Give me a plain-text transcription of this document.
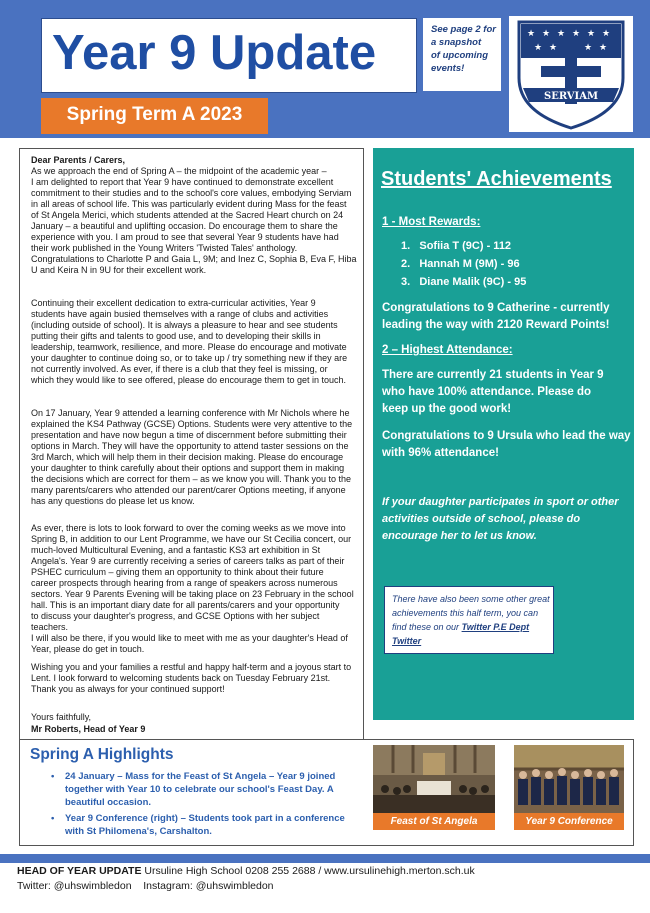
Year 9 Update
Spring Term A 2023
See page 2 for
a snapshot
of upcoming
events!
★ ★ ★ ★ ★ ★
★ ★	★ ★
SERVIAM
Dear Parents / Carers,
As we approach the end of Spring A – the midpoint of the academic year –
I am delighted to report that Year 9 have continued to demonstrate excellent
commitment to their studies and to the school's core values, embodying Serviam
in all areas of school life. This was particularly evident during Mass for the feast
of St Angela Merici, which students attended at the Sacred Heart church on 24
January – a beautiful and uplifting occasion. Do encourage them to share the
experience with you. I am proud to see that several Year 9 students have had
their work published in the Young Writers 'Twisted Tales' anthology.
Congratulations to Charlotte P and Gaia L, 9M; and Inez C, Sophia B, Eva F, Hiba
U and Keira N in 9U for their excellent work.
Continuing their excellent dedication to extra-curricular activities, Year 9
students have again busied themselves with a range of clubs and activities
(including outside of school). It is always a pleasure to hear and see students
putting their gifts and talents to good use, and to developing their skills in
leadership, teamwork, resilience, and more. Please do encourage and motivate
your daughter to continue doing so, or to take up / try something new if they are
not currently involved. As ever, if there is a club that they feel is missing, or
which they would like to see offered, please do encourage them to get in touch.
On 17 January, Year 9 attended a learning conference with Mr Nichols where he
explained the KS4 Pathway (GCSE) Options. Students were very attentive to the
presentation and have now begun a time of discernment before submitting their
options in March. They will have the opportunity to attend taster sessions on the
3rd March, which will help them in their decision making. Please do encourage
your daughter to think carefully about their options and support them in making
the decisions which are correct for them – as we know you will. Thank you to the
many parents/carers who attended our parent/carer Options meeting, if anyone
has any questions do please let us know.
As ever, there is lots to look forward to over the coming weeks as we move into
Spring B, in addition to our Lent Programme, we have our St Cecilia concert, our
much-loved Multicultural Evening, and a fantastic KS3 art exhibition in St
Angela's. Year 9 are currently receiving a series of careers talks as part of their
PSHEC curriculum – giving them an opportunity to think about their future
career prospects through hearing from a range of speakers across numerous
sectors. Year 9 Parents Evening will be taking place on 23 February in the school
hall. This is an important diary date for all parents/carers and your opportunity
to discuss your daughter's progress, and GCSE Options with her subject teachers.
I will also be there, if you would like to meet with me as your daughter's Head of
Year, please do get in touch.
Wishing you and your families a restful and happy half-term and a joyous start to
Lent. I look forward to welcoming students back on Tuesday February 21st.
Thank you as always for your continued support!
Yours faithfully,
Mr Roberts, Head of Year 9
Students' Achievements
1 - Most Rewards:
1. Sofiia T (9C) - 112
2. Hannah M (9M) - 96
3. Diane Malik (9C) - 95

Congratulations to 9 Catherine - currently leading the way with 2120 Reward Points!

2 – Highest Attendance:

There are currently 21 students in Year 9 who have 100% attendance. Please do

keep up the good work!

Congratulations to 9 Ursula who lead the way with 96% attendance!

If your daughter participates in sport or other activities outside of school, please do encourage her to let us know.

There have also been some other great achievements this half term, you can find these on our Twitter P.E Dept Twitter

Spring A Highlights

• 24 January – Mass for the Feast of St Angela – Year 9 joined together with Year 10 to celebrate our school's Feast Day. A beautiful occasion.

• Year 9 Conference (right) – Students took part in a conference with St Philomena's, Carshalton.

Feast of St Angela	Year 9 Conference
HEAD OF YEAR UPDATE Ursuline High School 0208 255 2688 / www.ursulinehigh.merton.sch.uk
Twitter: @uhswimbledon Instagram: @uhswimbledon
